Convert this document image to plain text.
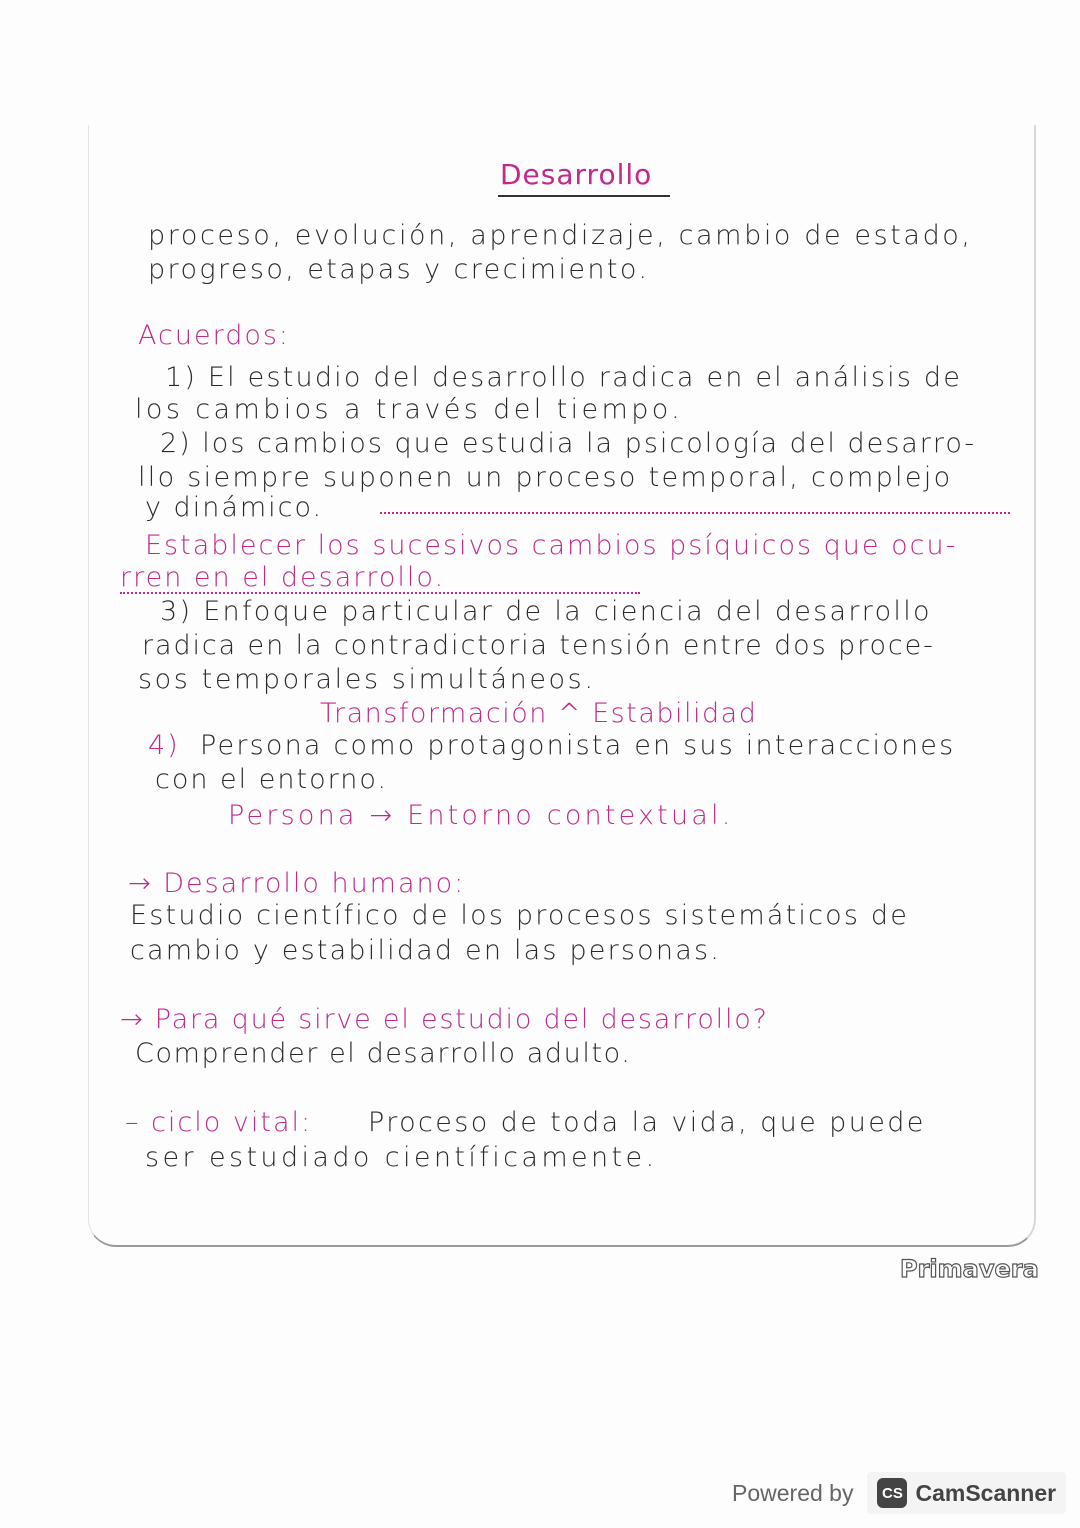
Desarrollo
proceso, evolución, aprendizaje, cambio de estado,
progreso, etapas y crecimiento.
Acuerdos:
1) El estudio del desarrollo radica en el análisis de
los cambios a través del tiempo.
2) los cambios que estudia la psicología del desarro-
llo siempre suponen un proceso temporal, complejo
y dinámico.
Establecer los sucesivos cambios psíquicos que ocu-
rren en el desarrollo.
3) Enfoque particular de la ciencia del desarrollo
radica en la contradictoria tensión entre dos proce-
sos temporales simultáneos.
Transformación ^ Estabilidad
4) Persona como protagonista en sus interacciones
con el entorno.
Persona → Entorno contextual.
→ Desarrollo humano:
Estudio científico de los procesos sistemáticos de
cambio y estabilidad en las personas.
→ Para qué sirve el estudio del desarrollo?
Comprender el desarrollo adulto.
– ciclo vital: Proceso de toda la vida, que puede
ser estudiado científicamente.
Primavera
Powered by	CS CamScanner
